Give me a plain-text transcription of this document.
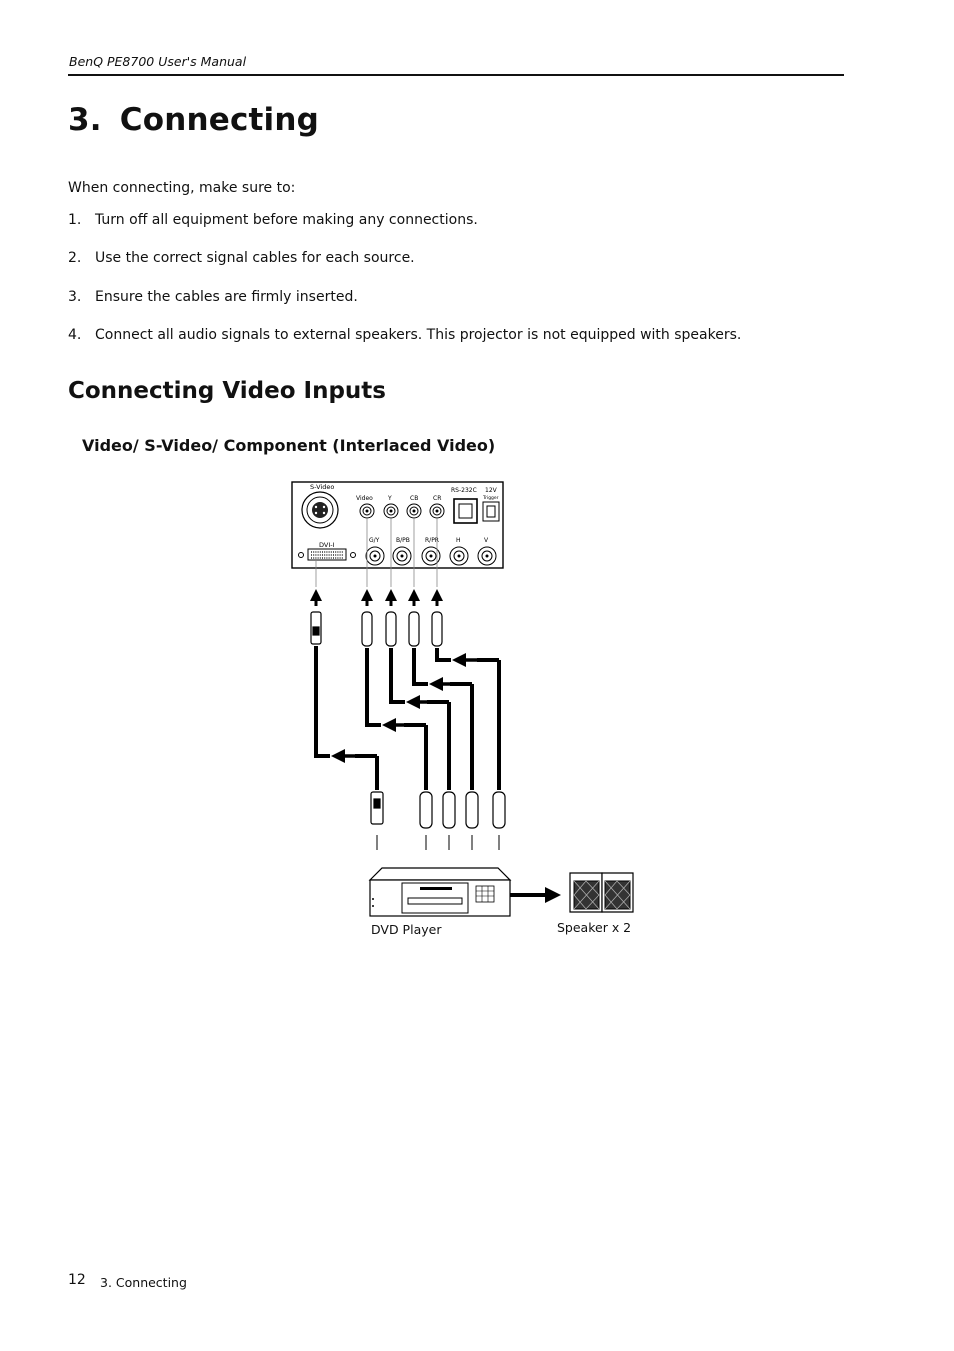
BenQ PE8700 User's Manual
3. Connecting
When connecting, make sure to:
1. Turn off all equipment before making any connections.
2. Use the correct signal cables for each source.
3. Ensure the cables are firmly inserted.
4. Connect all audio signals to external speakers. This projector is not equipped with speakers.
Connecting Video Inputs
Video/ S-Video/ Component (Interlaced Video)
S-Video
DVI-I
Video	Y	CB CR
RS-232C 12V
Trigger
G/Y	B/PB	R/PR	H	V
DVD Player	Speaker x 2
12 3. Connecting
